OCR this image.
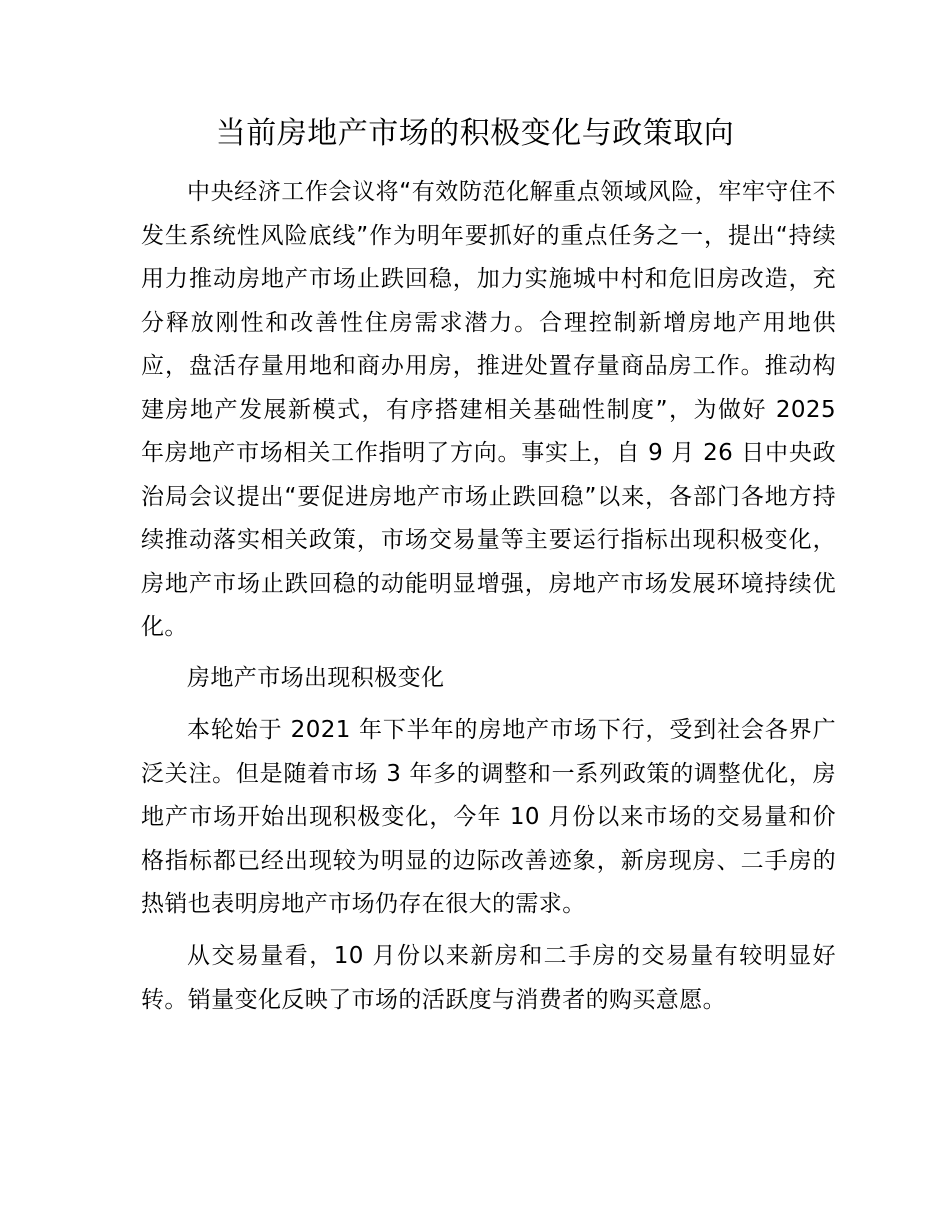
当前房地产市场的积极变化与政策取向

中央经济工作会议将“有效防范化解重点领域风险，牢牢守住不发生系统性风险底线”作为明年要抓好的重点任务之一，提出“持续用力推动房地产市场止跌回稳，加力实施城中村和危旧房改造，充分释放刚性和改善性住房需求潜力。合理控制新增房地产用地供应，盘活存量用地和商办用房，推进处置存量商品房工作。推动构建房地产发展新模式，有序搭建相关基础性制度”，为做好 2025 年房地产市场相关工作指明了方向。事实上，自 9 月 26 日中央政治局会议提出“要促进房地产市场止跌回稳”以来，各部门各地方持续推动落实相关政策，市场交易量等主要运行指标出现积极变化，房地产市场止跌回稳的动能明显增强，房地产市场发展环境持续优化。

房地产市场出现积极变化

本轮始于 2021 年下半年的房地产市场下行，受到社会各界广泛关注。但是随着市场 3 年多的调整和一系列政策的调整优化，房地产市场开始出现积极变化，今年 10 月份以来市场的交易量和价格指标都已经出现较为明显的边际改善迹象，新房现房、二手房的热销也表明房地产市场仍存在很大的需求。

从交易量看，10 月份以来新房和二手房的交易量有较明显好转。销量变化反映了市场的活跃度与消费者的购买意愿。
